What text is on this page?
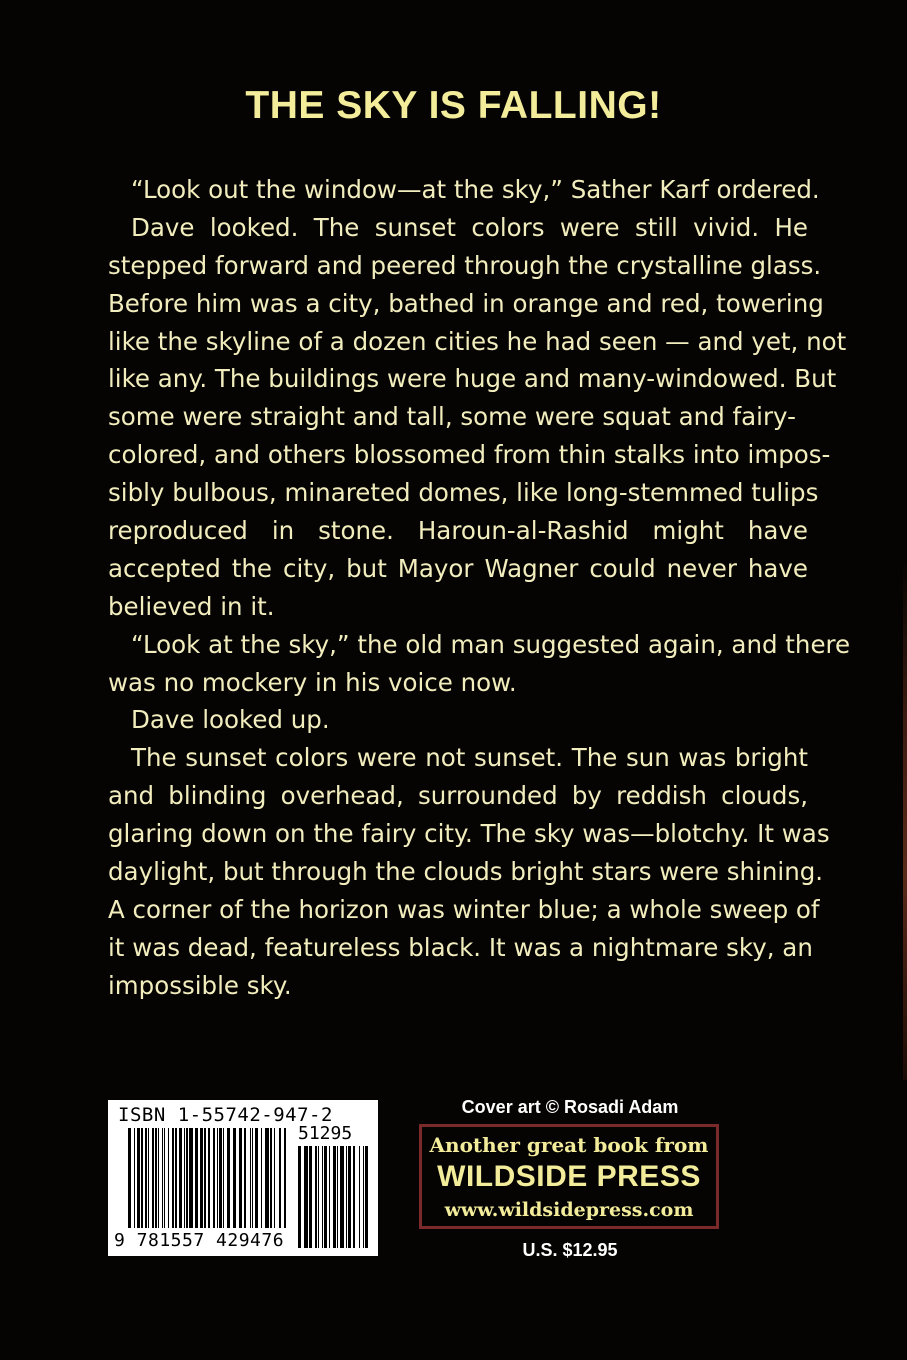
THE SKY IS FALLING!
“Look out the window—at the sky,” Sather Karf ordered.
Dave looked. The sunset colors were still vivid. He
stepped forward and peered through the crystalline glass.
Before him was a city, bathed in orange and red, towering
like the skyline of a dozen cities he had seen — and yet, not
like any. The buildings were huge and many-windowed. But
some were straight and tall, some were squat and fairy-
colored, and others blossomed from thin stalks into impos-
sibly bulbous, minareted domes, like long-stemmed tulips
reproduced in stone. Haroun-al-Rashid might have
accepted the city, but Mayor Wagner could never have
believed in it.
“Look at the sky,” the old man suggested again, and there
was no mockery in his voice now.
Dave looked up.
The sunset colors were not sunset. The sun was bright
and blinding overhead, surrounded by reddish clouds,
glaring down on the fairy city. The sky was—blotchy. It was
daylight, but through the clouds bright stars were shining.
A corner of the horizon was winter blue; a whole sweep of
it was dead, featureless black. It was a nightmare sky, an
impossible sky.
ISBN 1-55742-947-2
51295
9 781557 429476
Cover art © Rosadi Adam
Another great book from
WILDSIDE PRESS
www.wildsidepress.com
U.S. $12.95
